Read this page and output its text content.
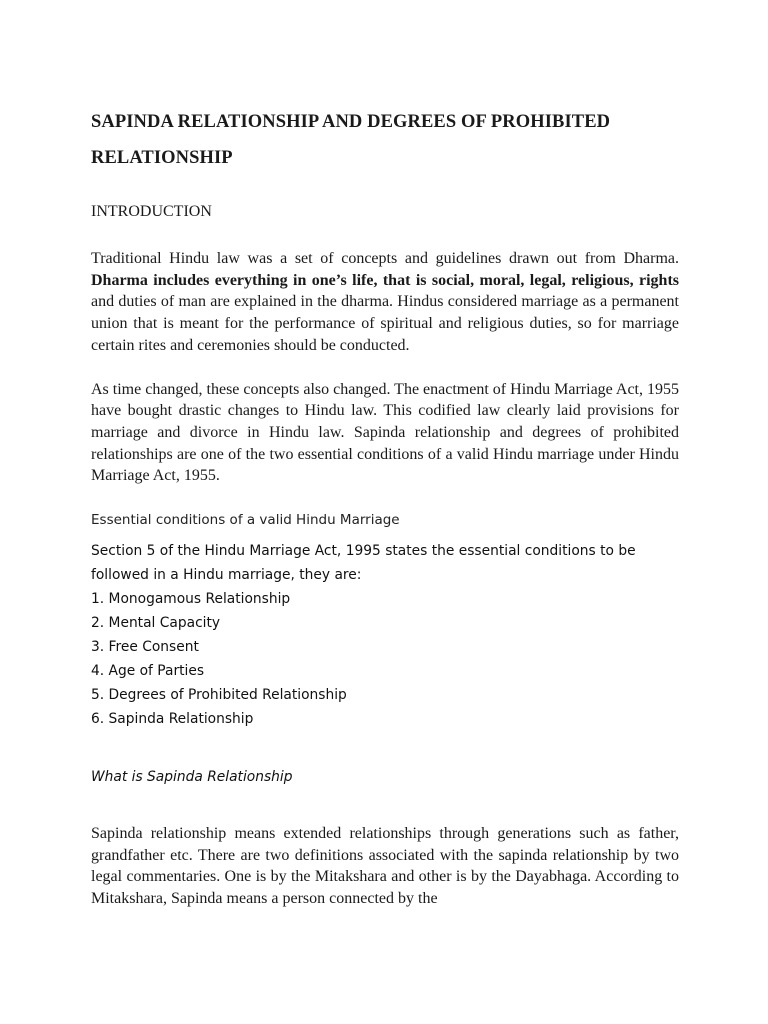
SAPINDA RELATIONSHIP AND DEGREES OF PROHIBITED RELATIONSHIP
INTRODUCTION

Traditional Hindu law was a set of concepts and guidelines drawn out from Dharma. Dharma includes everything in one’s life, that is social, moral, legal, religious, rights and duties of man are explained in the dharma. Hindus considered marriage as a permanent union that is meant for the performance of spiritual and religious duties, so for marriage certain rites and ceremonies should be conducted.

As time changed, these concepts also changed. The enactment of Hindu Marriage Act, 1955 have bought drastic changes to Hindu law. This codified law clearly laid provisions for marriage and divorce in Hindu law. Sapinda relationship and degrees of prohibited relationships are one of the two essential conditions of a valid Hindu marriage under Hindu Marriage Act, 1955.

Essential conditions of a valid Hindu Marriage
Section 5 of the Hindu Marriage Act, 1995 states the essential conditions to be followed in a Hindu marriage, they are:
1. Monogamous Relationship
2. Mental Capacity
3. Free Consent
4. Age of Parties
5. Degrees of Prohibited Relationship
6. Sapinda Relationship
What is Sapinda Relationship

Sapinda relationship means extended relationships through generations such as father, grandfather etc. There are two definitions associated with the sapinda relationship by two legal commentaries. One is by the Mitakshara and other is by the Dayabhaga. According to Mitakshara, Sapinda means a person connected by the
